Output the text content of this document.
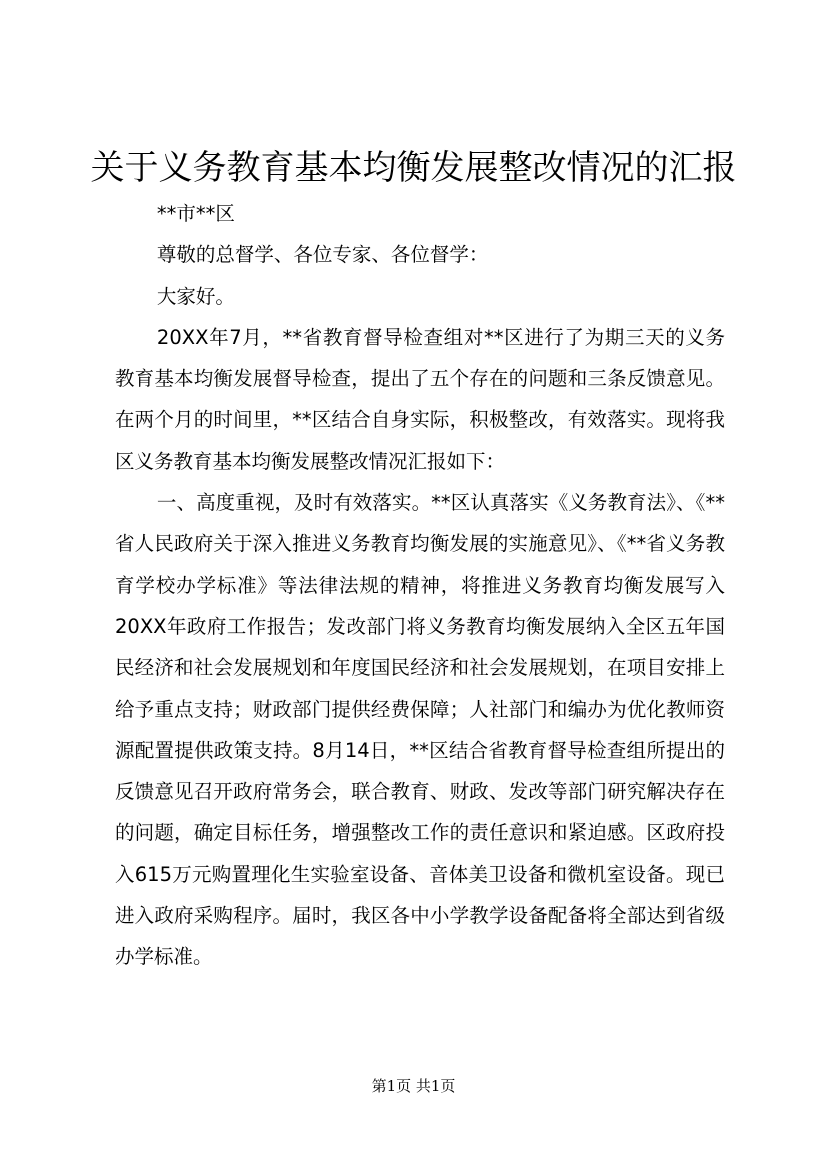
关于义务教育基本均衡发展整改情况的汇报

**市**区

尊敬的总督学、各位专家、各位督学：

大家好。

20XX年7月，**省教育督导检查组对**区进行了为期三天的义务教育基本均衡发展督导检查，提出了五个存在的问题和三条反馈意见。在两个月的时间里，**区结合自身实际，积极整改，有效落实。现将我区义务教育基本均衡发展整改情况汇报如下：

一、高度重视，及时有效落实。**区认真落实《义务教育法》、《**省人民政府关于深入推进义务教育均衡发展的实施意见》、《**省义务教育学校办学标准》等法律法规的精神，将推进义务教育均衡发展写入20XX年政府工作报告；发改部门将义务教育均衡发展纳入全区五年国民经济和社会发展规划和年度国民经济和社会发展规划，在项目安排上给予重点支持；财政部门提供经费保障；人社部门和编办为优化教师资源配置提供政策支持。8月14日，**区结合省教育督导检查组所提出的反馈意见召开政府常务会，联合教育、财政、发改等部门研究解决存在的问题，确定目标任务，增强整改工作的责任意识和紧迫感。区政府投入615万元购置理化生实验室设备、音体美卫设备和微机室设备。现已进入政府采购程序。届时，我区各中小学教学设备配备将全部达到省级办学标准。

第1页 共1页
